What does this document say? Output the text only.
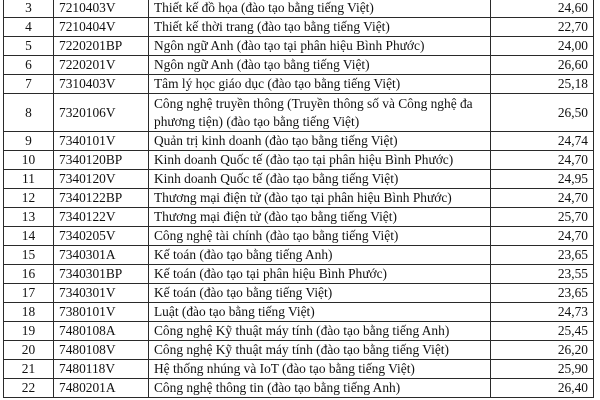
3	7210403V	Thiết kế đồ họa (đào tạo bằng tiếng Việt)	24,60
4	7210404V	Thiết kế thời trang (đào tạo bằng tiếng Việt)	22,70
5	7220201BP	Ngôn ngữ Anh (đào tạo tại phân hiệu Bình Phước)	24,00
6	7220201V	Ngôn ngữ Anh (đào tạo bằng tiếng Việt)	26,60
7	7310403V	Tâm lý học giáo dục (đào tạo bằng tiếng Việt)	25,18
8	7320106V	Công nghệ truyền thông (Truyền thông số và Công nghệ đa phương tiện) (đào tạo bằng tiếng Việt)	26,50
9	7340101V	Quản trị kinh doanh (đào tạo bằng tiếng Việt)	24,74
10	7340120BP	Kinh doanh Quốc tế (đào tạo tại phân hiệu Bình Phước)	24,70
11	7340120V	Kinh doanh Quốc tế (đào tạo bằng tiếng Việt)	24,95
12	7340122BP	Thương mại điện tử (đào tạo tại phân hiệu Bình Phước)	24,70
13	7340122V	Thương mại điện tử (đào tạo bằng tiếng Việt)	25,70
14	7340205V	Công nghệ tài chính (đào tạo bằng tiếng Việt)	24,70
15	7340301A	Kế toán (đào tạo bằng tiếng Anh)	23,65
16	7340301BP	Kế toán (đào tạo tại phân hiệu Bình Phước)	23,55
17	7340301V	Kế toán (đào tạo bằng tiếng Việt)	23,65
18	7380101V	Luật (đào tạo bằng tiếng Việt)	24,73
19	7480108A	Công nghệ Kỹ thuật máy tính (đào tạo bằng tiếng Anh)	25,45
20	7480108V	Công nghệ Kỹ thuật máy tính (đào tạo bằng tiếng Việt)	26,20
21	7480118V	Hệ thống nhúng và IoT (đào tạo bằng tiếng Việt)	25,90
22	7480201A	Công nghệ thông tin (đào tạo bằng tiếng Anh)	26,40
